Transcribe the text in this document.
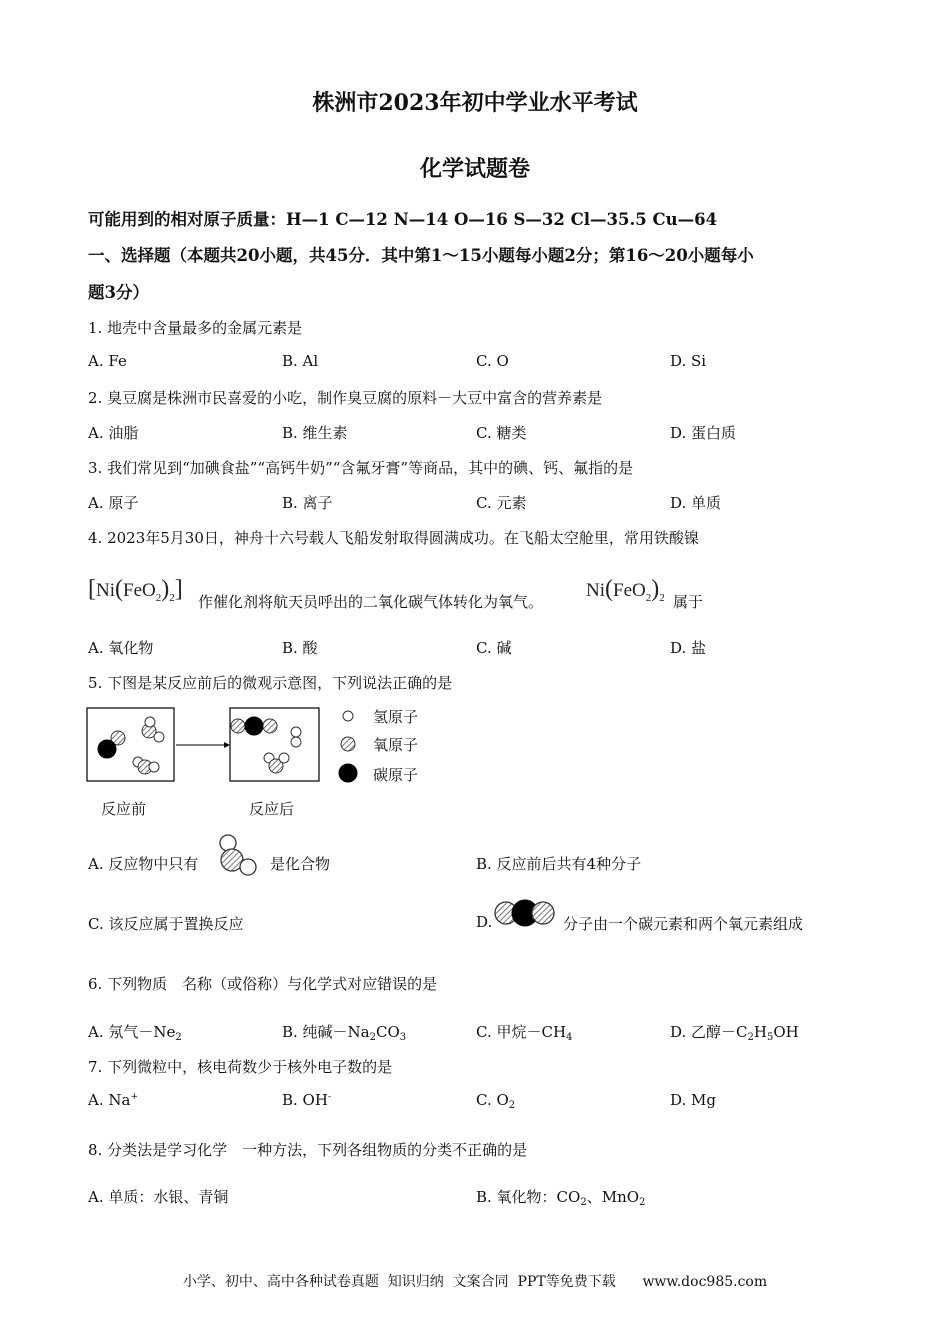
株洲市2023年初中学业水平考试
化学试题卷
可能用到的相对原子质量：H—1 C—12 N—14 O—16 S—32 Cl—35.5 Cu—64
一、选择题（本题共20小题，共45分．其中第1～15小题每小题2分；第16～20小题每小
题3分）
1. 地壳中含量最多的金属元素是
A. Fe	B. Al	C. O	D. Si
2. 臭豆腐是株洲市民喜爱的小吃，制作臭豆腐的原料－大豆中富含的营养素是
A. 油脂	B. 维生素	C. 糖类	D. 蛋白质
3. 我们常见到“加碘食盐”“高钙牛奶”“含氟牙膏”等商品，其中的碘、钙、氟指的是
A. 原子	B. 离子	C. 元素	D. 单质
4. 2023年5月30日，神舟十六号载人飞船发射取得圆满成功。在飞船太空舱里，常用铁酸镍
$[Ni(FeO_2)_2]$ 作催化剂将航天员呼出的二氧化碳气体转化为氧气。
$Ni(FeO_2)_2$ 属于
A. 氧化物	B. 酸	C. 碱	D. 盐
5. 下图是某反应前后的微观示意图，下列说法正确的是
氢原子
氧原子
碳原子
反应前	反应后
A. 反应物中只有	是化合物	B. 反应前后共有4种分子
C. 该反应属于置换反应	D.	分子由一个碳元素和两个氧元素组成
6. 下列物质　名称（或俗称）与化学式对应错误的是
A. 氖气$-Ne_2$	B. 纯碱$-Na_2CO_3$	C. 甲烷$-CH_4$	D. 乙醇$-C_2H_5OH$
7. 下列微粒中，核电荷数少于核外电子数的是
A. Na+	B. OH-	C. $O_2$	D. Mg
8. 分类法是学习化学　一种方法，下列各组物质的分类不正确的是
A. 单质：水银、青铜	B. 氧化物：$CO_2$、MnO$_2$
小学、初中、高中各种试卷真题  知识归纳  文案合同  PPT等免费下载      www.doc985.com
